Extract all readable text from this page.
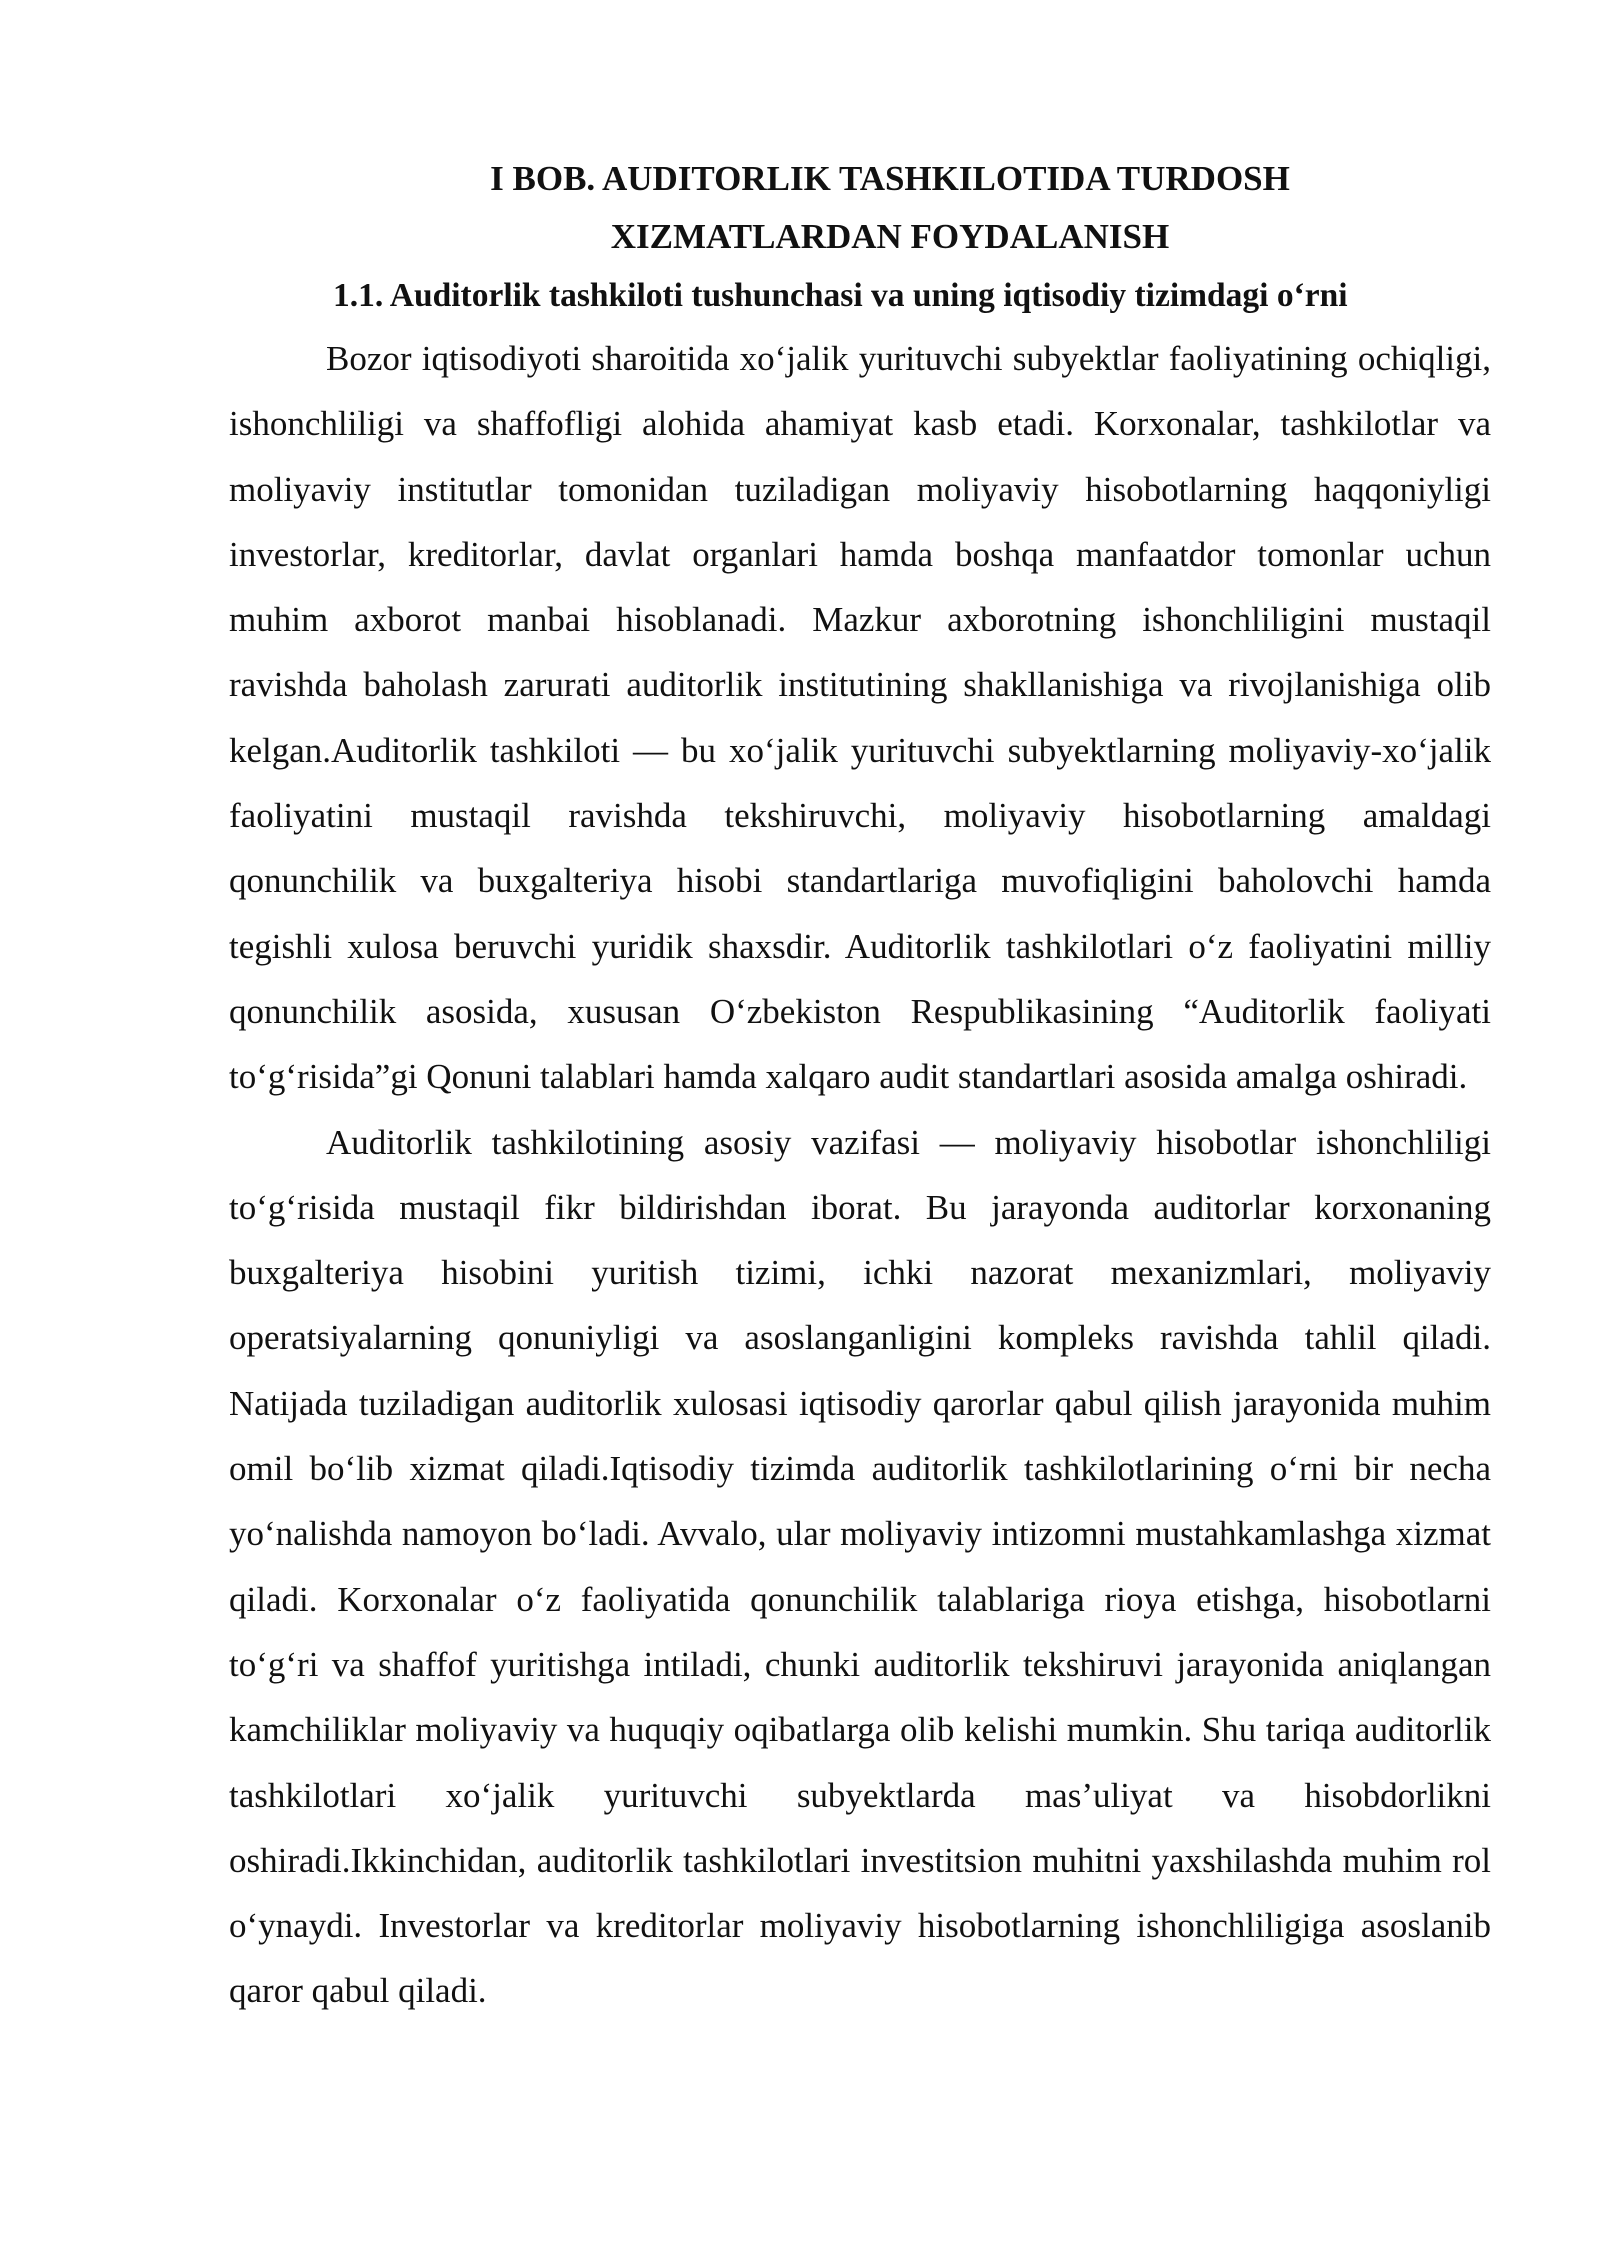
I BOB. AUDITORLIK TASHKILOTIDA TURDOSH
XIZMATLARDAN FOYDALANISH
1.1. Auditorlik tashkiloti tushunchasi va uning iqtisodiy tizimdagi o‘rni

Bozor iqtisodiyoti sharoitida xo‘jalik yurituvchi subyektlar faoliyatining ochiqligi, ishonchliligi va shaffofligi alohida ahamiyat kasb etadi. Korxonalar, tashkilotlar va moliyaviy institutlar tomonidan tuziladigan moliyaviy hisobotlarning haqqoniyligi investorlar, kreditorlar, davlat organlari hamda boshqa manfaatdor tomonlar uchun muhim axborot manbai hisoblanadi. Mazkur axborotning ishonchliligini mustaqil ravishda baholash zarurati auditorlik institutining shakllanishiga va rivojlanishiga olib kelgan.Auditorlik tashkiloti — bu xo‘jalik yurituvchi subyektlarning moliyaviy-xo‘jalik faoliyatini mustaqil ravishda tekshiruvchi, moliyaviy hisobotlarning amaldagi qonunchilik va buxgalteriya hisobi standartlariga muvofiqligini baholovchi hamda tegishli xulosa beruvchi yuridik shaxsdir. Auditorlik tashkilotlari o‘z faoliyatini milliy qonunchilik asosida, xususan O‘zbekiston Respublikasining “Auditorlik faoliyati to‘g‘risida”gi Qonuni talablari hamda xalqaro audit standartlari asosida amalga oshiradi.

Auditorlik tashkilotining asosiy vazifasi — moliyaviy hisobotlar ishonchliligi to‘g‘risida mustaqil fikr bildirishdan iborat. Bu jarayonda auditorlar korxonaning buxgalteriya hisobini yuritish tizimi, ichki nazorat mexanizmlari, moliyaviy operatsiyalarning qonuniyligi va asoslanganligini kompleks ravishda tahlil qiladi. Natijada tuziladigan auditorlik xulosasi iqtisodiy qarorlar qabul qilish jarayonida muhim omil bo‘lib xizmat qiladi.Iqtisodiy tizimda auditorlik tashkilotlarining o‘rni bir necha yo‘nalishda namoyon bo‘ladi. Avvalo, ular moliyaviy intizomni mustahkamlashga xizmat qiladi. Korxonalar o‘z faoliyatida qonunchilik talablariga rioya etishga, hisobotlarni to‘g‘ri va shaffof yuritishga intiladi, chunki auditorlik tekshiruvi jarayonida aniqlangan kamchiliklar moliyaviy va huquqiy oqibatlarga olib kelishi mumkin. Shu tariqa auditorlik tashkilotlari xo‘jalik yurituvchi subyektlarda mas’uliyat va hisobdorlikni oshiradi.Ikkinchidan, auditorlik tashkilotlari investitsion muhitni yaxshilashda muhim rol o‘ynaydi. Investorlar va kreditorlar moliyaviy hisobotlarning ishonchliligiga asoslanib qaror qabul qiladi.
